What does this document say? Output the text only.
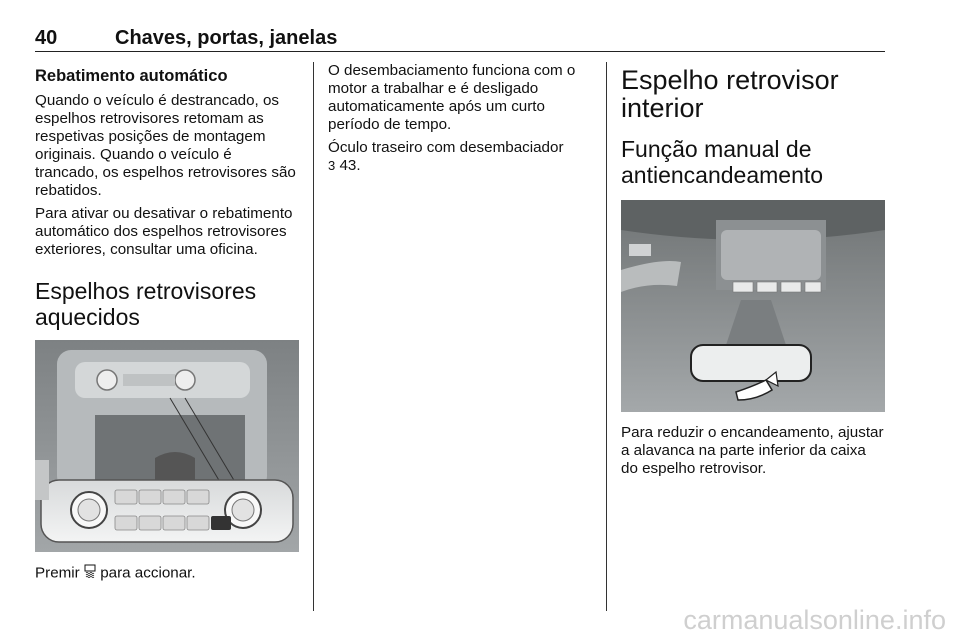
40	Chaves, portas, janelas
Rebatimento automático

Quando o veículo é destrancado, os espelhos retrovisores retomam as respetivas posições de montagem originais. Quando o veículo é trancado, os espelhos retrovisores são rebatidos.

Para ativar ou desativar o rebatimento automático dos espelhos retrovisores exteriores, consultar uma oficina.

Espelhos retrovisores aquecidos

Premir para accionar.

O desembaciamento funciona com o motor a trabalhar e é desligado automaticamente após um curto período de tempo.

Óculo traseiro com desembaciador
3 43.

Espelho retrovisor interior
Função manual de antiencandeamento

Para reduzir o encandeamento, ajustar a alavanca na parte inferior da caixa do espelho retrovisor.

carmanualsonline.info
